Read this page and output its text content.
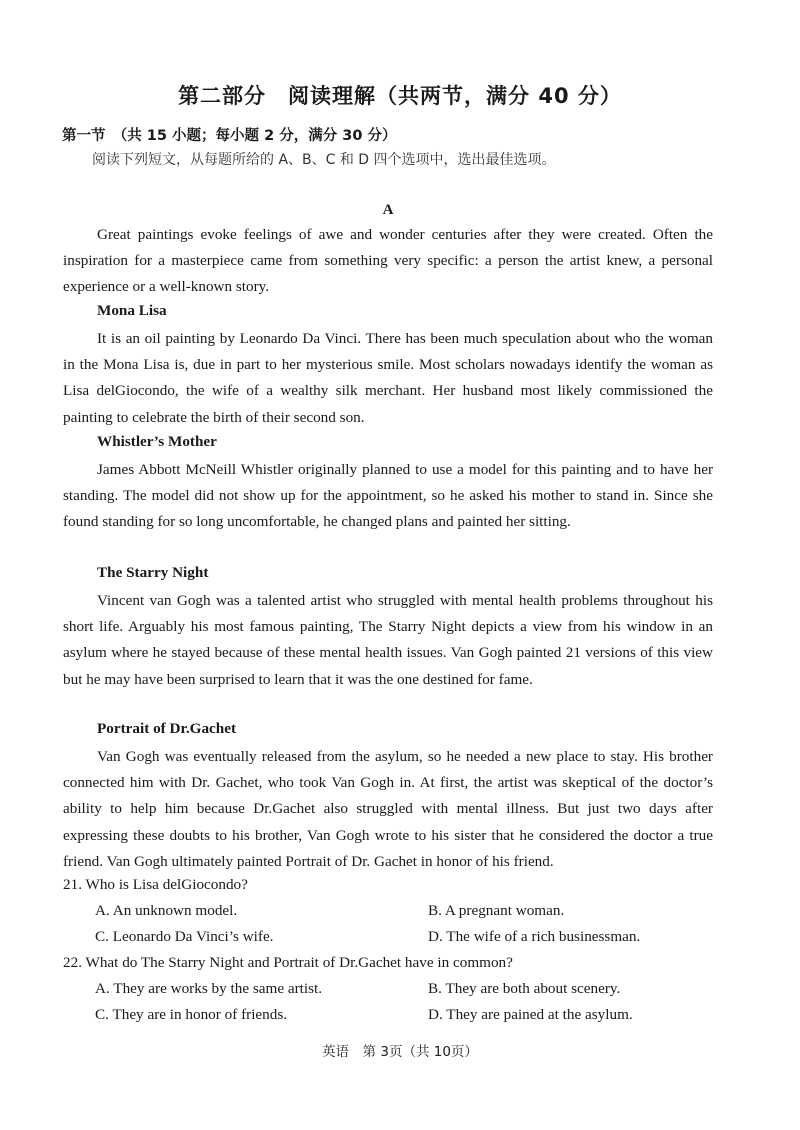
第二部分　阅读理解（共两节，满分 40 分）
第一节　（共 15 小题；每小题 2 分，满分 30 分）
阅读下列短文，从每题所给的 A、B、C 和 D 四个选项中，选出最佳选项。
A

Great paintings evoke feelings of awe and wonder centuries after they were created. Often the inspiration for a masterpiece came from something very specific: a person the artist knew, a personal experience or a well-known story.

Mona Lisa

It is an oil painting by Leonardo Da Vinci. There has been much speculation about who the woman in the Mona Lisa is, due in part to her mysterious smile. Most scholars nowadays identify the woman as Lisa delGiocondo, the wife of a wealthy silk merchant. Her husband most likely commissioned the painting to celebrate the birth of their second son.

Whistler’s Mother

James Abbott McNeill Whistler originally planned to use a model for this painting and to have her standing. The model did not show up for the appointment, so he asked his mother to stand in. Since she found standing for so long uncomfortable, he changed plans and painted her sitting.

The Starry Night

Vincent van Gogh was a talented artist who struggled with mental health problems throughout his short life. Arguably his most famous painting, The Starry Night depicts a view from his window in an asylum where he stayed because of these mental health issues. Van Gogh painted 21 versions of this view but he may have been surprised to learn that it was the one destined for fame.

Portrait of Dr.Gachet

Van Gogh was eventually released from the asylum, so he needed a new place to stay. His brother connected him with Dr. Gachet, who took Van Gogh in. At first, the artist was skeptical of the doctor’s ability to help him because Dr.Gachet also struggled with mental illness. But just two days after expressing these doubts to his brother, Van Gogh wrote to his sister that he considered the doctor a true friend. Van Gogh ultimately painted Portrait of Dr. Gachet in honor of his friend.

21. Who is Lisa delGiocondo?
A. An unknown model.	B. A pregnant woman.
C. Leonardo Da Vinci’s wife.	D. The wife of a rich businessman.
22. What do The Starry Night and Portrait of Dr.Gachet have in common?
A. They are works by the same artist.	B. They are both about scenery.
C. They are in honor of friends.	D. They are pained at the asylum.
英语　第 3页（共 10页）
